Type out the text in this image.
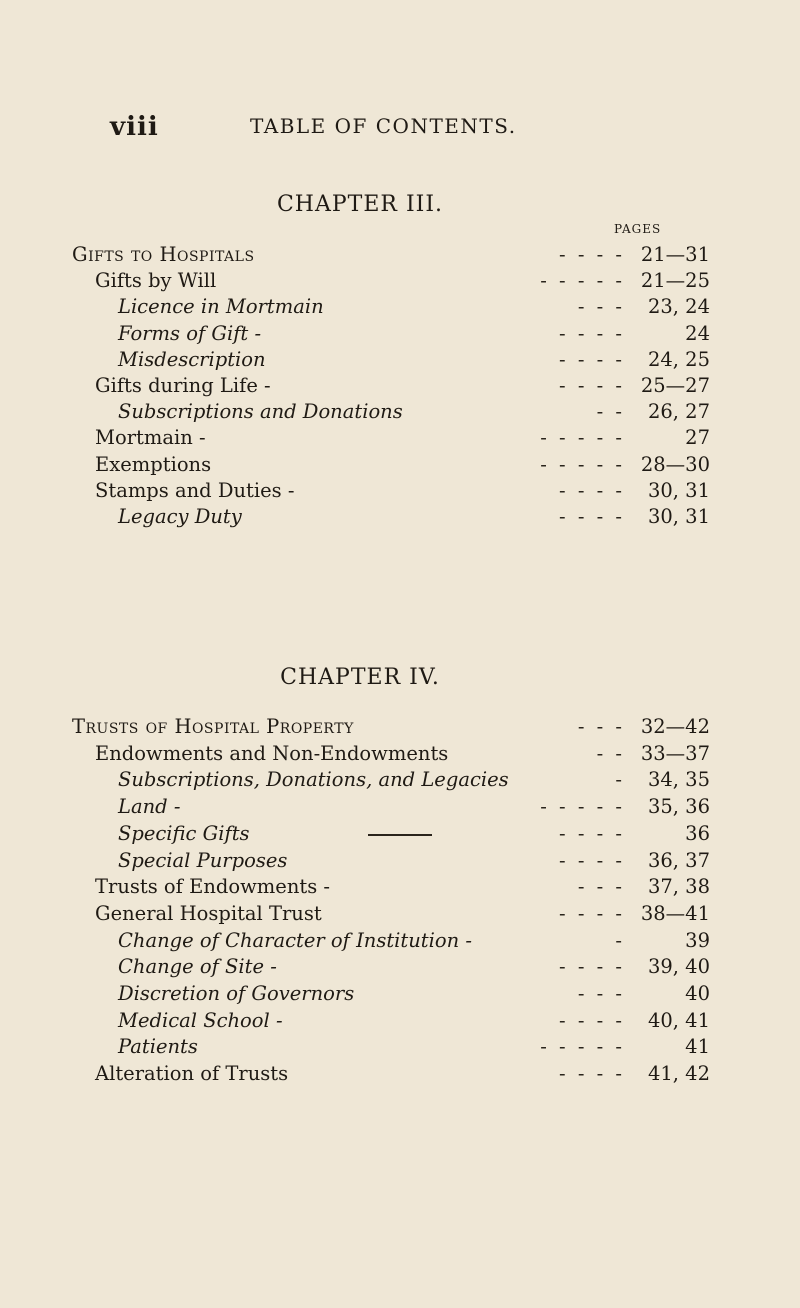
viii	TABLE OF CONTENTS.
CHAPTER III.
PAGES
Gifts to Hospitals	- - - - 21—31
Gifts by Will	- - - - - 21—25
Licence in Mortmain	- - - 23, 24
Forms of Gift -	- - - -	24
Misdescription	- - - - 24, 25
Gifts during Life -	- - - - 25—27
Subscriptions and Donations	- - 26, 27
Mortmain -	- - - - -	27
Exemptions	- - - - - 28—30
Stamps and Duties -	- - - - 30, 31
Legacy Duty	- - - - 30, 31
CHAPTER IV.
Trusts of Hospital Property	- - - 32—42
Endowments and Non-Endowments	- - 33—37
Subscriptions, Donations, and Legacies	- 34, 35
Land -	- - - - - 35, 36
Specific Gifts	- - - -	36
Special Purposes	- - - - 36, 37
Trusts of Endowments -	- - - 37, 38
General Hospital Trust	- - - - 38—41
Change of Character of Institution -	-	39
Change of Site -	- - - - 39, 40
Discretion of Governors	- - -	40
Medical School -	- - - - 40, 41
Patients	- - - - -	41
Alteration of Trusts	- - - - 41, 42
